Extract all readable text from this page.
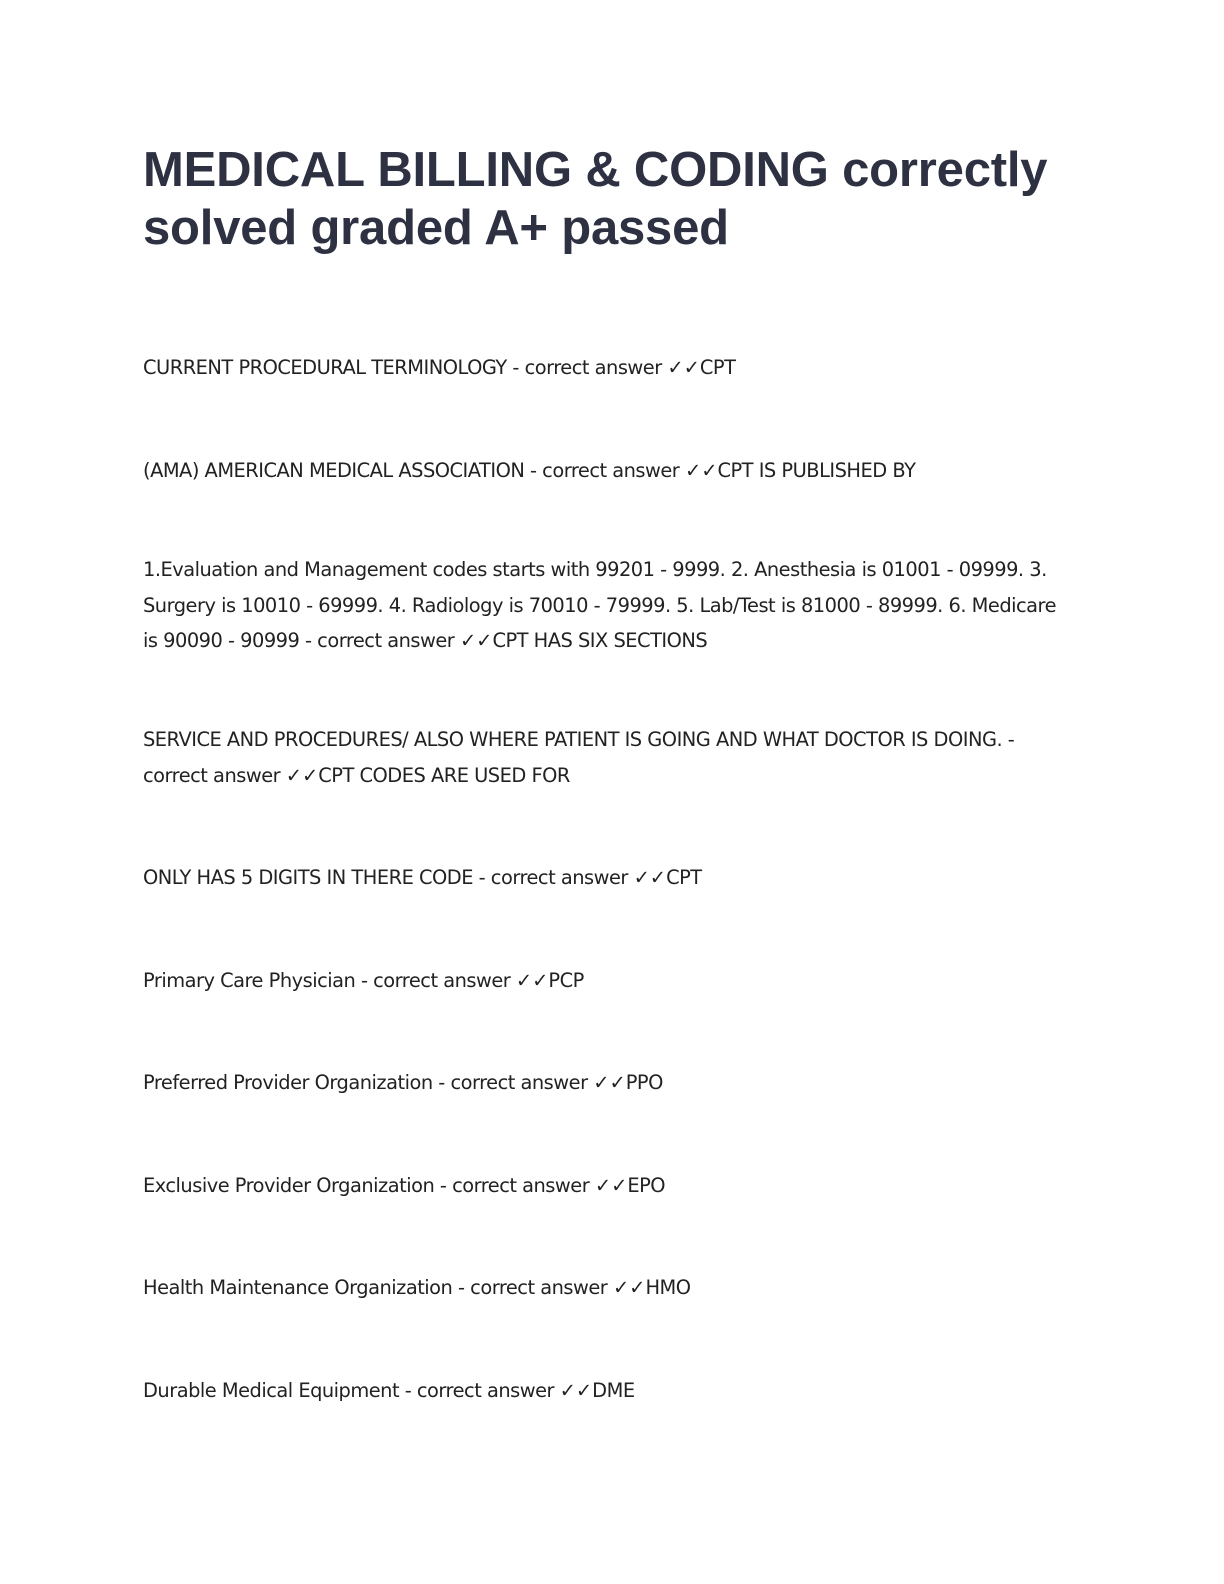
MEDICAL BILLING & CODING correctly solved graded A+ passed

CURRENT PROCEDURAL TERMINOLOGY - correct answer ✓✓CPT

(AMA) AMERICAN MEDICAL ASSOCIATION - correct answer ✓✓CPT IS PUBLISHED BY

1.Evaluation and Management codes starts with 99201 - 9999. 2. Anesthesia is 01001 - 09999. 3. Surgery is 10010 - 69999. 4. Radiology is 70010 - 79999. 5. Lab/Test is 81000 - 89999. 6. Medicare is 90090 - 90999 - correct answer ✓✓CPT HAS SIX SECTIONS

SERVICE AND PROCEDURES/ ALSO WHERE PATIENT IS GOING AND WHAT DOCTOR IS DOING. - correct answer ✓✓CPT CODES ARE USED FOR

ONLY HAS 5 DIGITS IN THERE CODE - correct answer ✓✓CPT

Primary Care Physician - correct answer ✓✓PCP

Preferred Provider Organization - correct answer ✓✓PPO

Exclusive Provider Organization - correct answer ✓✓EPO

Health Maintenance Organization - correct answer ✓✓HMO

Durable Medical Equipment - correct answer ✓✓DME
